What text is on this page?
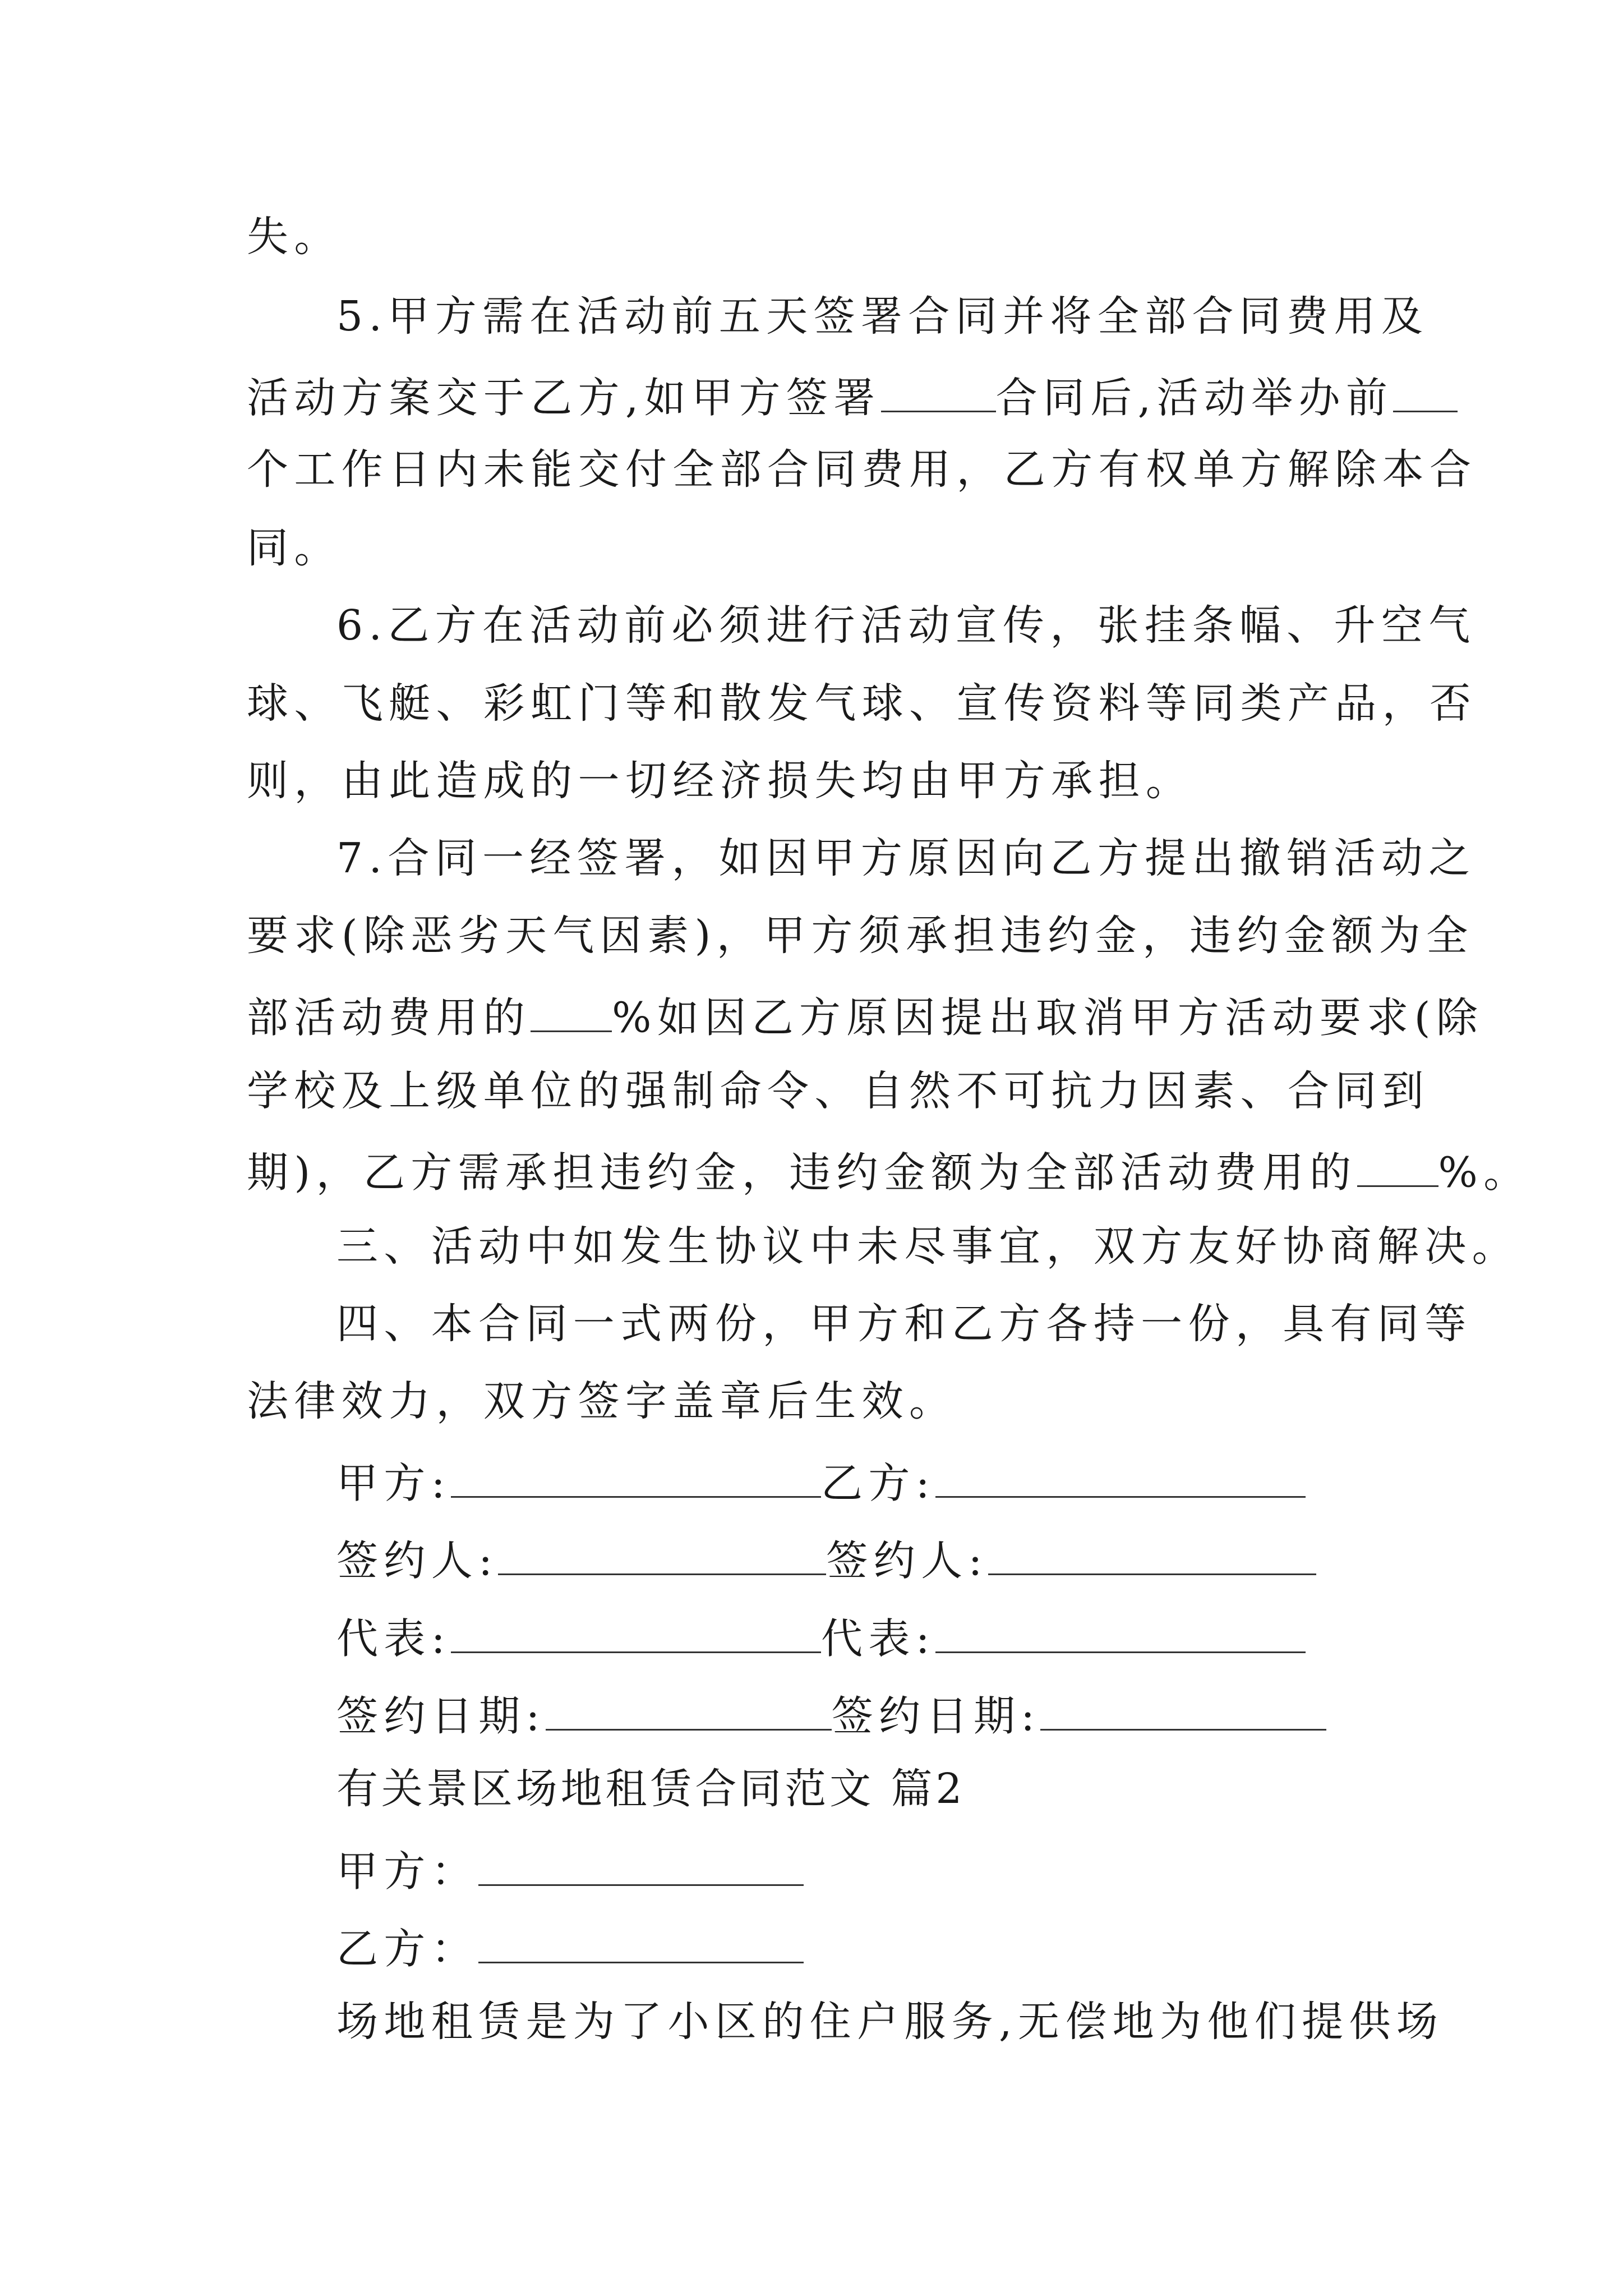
失。
5.甲方需在活动前五天签署合同并将全部合同费用及
活动方案交于乙方,如甲方签署	合同后,活动举办前
个工作日内未能交付全部合同费用，乙方有权单方解除本合
同。
6.乙方在活动前必须进行活动宣传，张挂条幅、升空气
球、飞艇、彩虹门等和散发气球、宣传资料等同类产品，否
则，由此造成的一切经济损失均由甲方承担。
7.合同一经签署，如因甲方原因向乙方提出撤销活动之
要求(除恶劣天气因素)，甲方须承担违约金，违约金额为全
部活动费用的 %如因乙方原因提出取消甲方活动要求(除
学校及上级单位的强制命令、自然不可抗力因素、合同到
期)，乙方需承担违约金，违约金额为全部活动费用的 %。
三、活动中如发生协议中未尽事宜，双方友好协商解决。
四、本合同一式两份，甲方和乙方各持一份，具有同等
法律效力，双方签字盖章后生效。
甲方:	乙方:
签约人:	签约人:
代表:	代表:
签约日期:	签约日期:
有关景区场地租赁合同范文 篇2
甲方：
乙方：
场地租赁是为了小区的住户服务,无偿地为他们提供场
